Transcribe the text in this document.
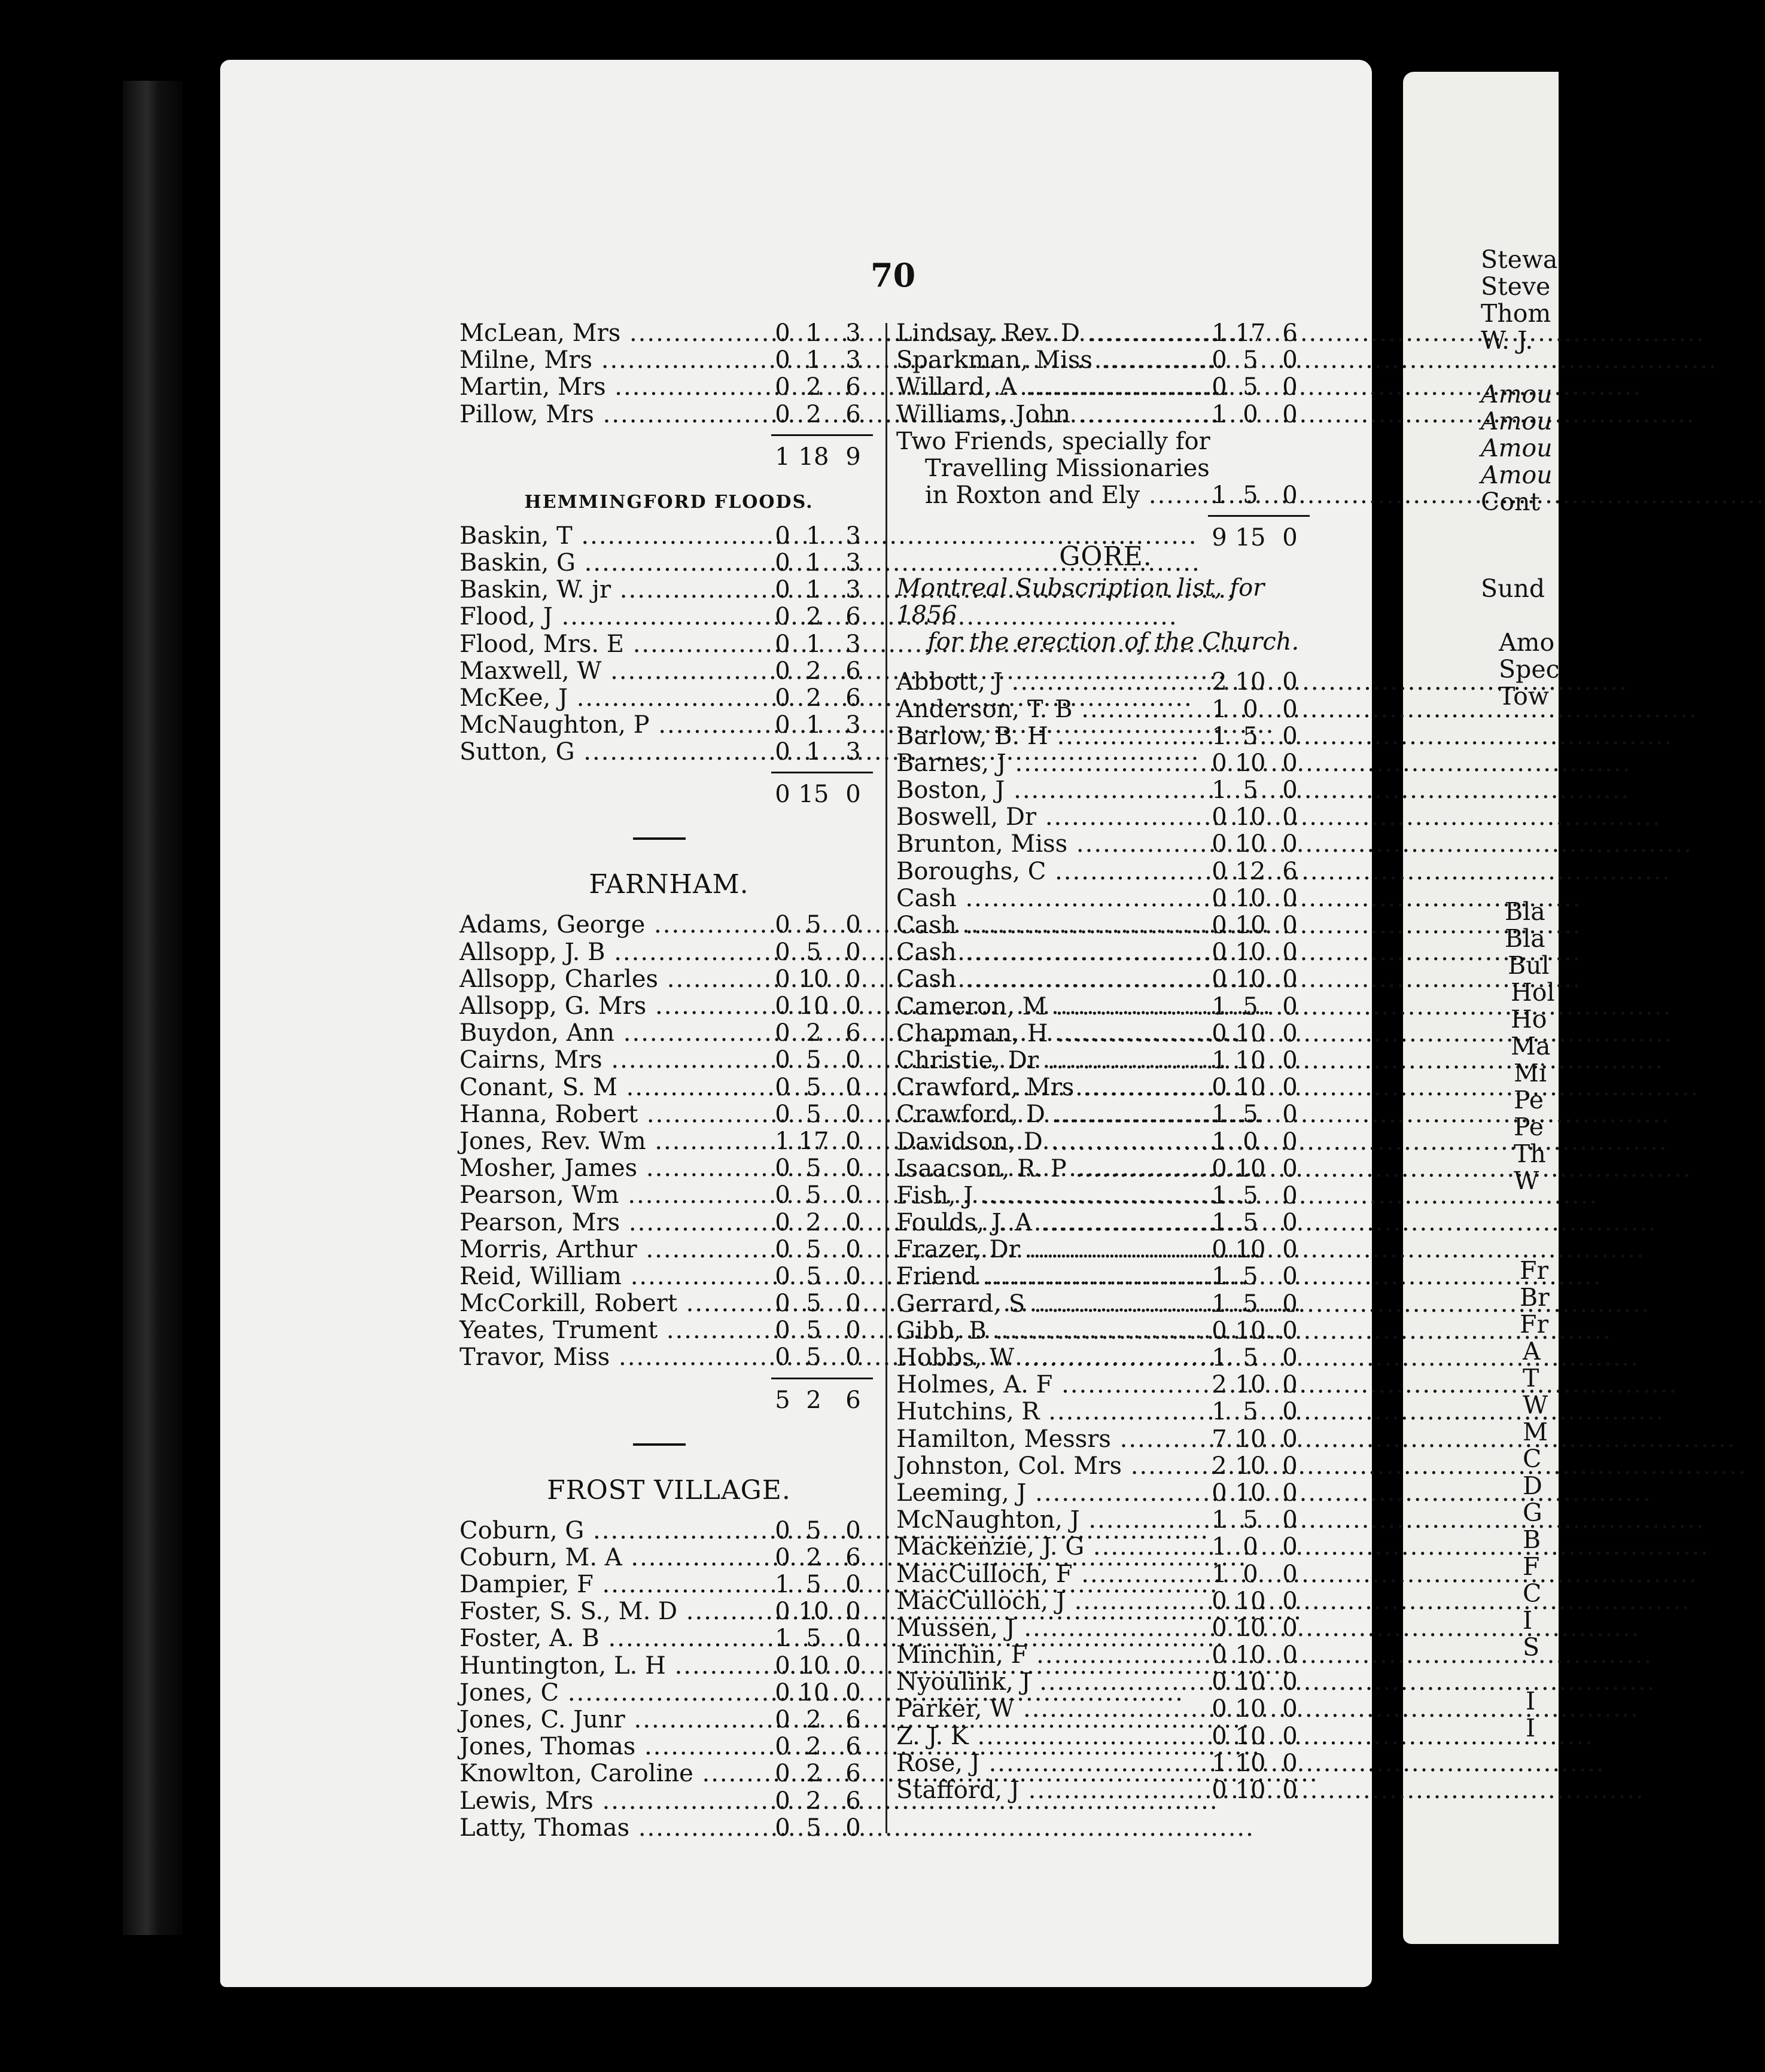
Stewa
Steve
Thom
W. J.
Amou
Amou
Amou
Amou
Cont
Sund
Amo
Spec
Tow
Bla
Bla
Bul
Hol
Ho
Ma
Mi
Pe
Pe
Th
W
Fr
Br
Fr
A
T
W
M
C
D
G
B
F
C
I
S
I
I
70
McLean, Mrs .....	0 1	3
Milne, Mrs .....	0 1	3
Martin, Mrs .....	0 2	6
Pillow, Mrs .....	0 2	6
1 18 9
HEMMINGFORD FLOODS.
Baskin, T .....	0 1	3
Baskin, G .....	0 1	3
Baskin, W. jr .....	0 1	3
Flood, J .....	0 2	6
Flood, Mrs. E .....	0 1	3
Maxwell, W .....	0 2	6
McKee, J .....	0 2	6
McNaughton, P .....	0 1	3
Sutton, G .....	0 1	3
0 15 0
FARNHAM.
Adams, George .....	0 5	0
Allsopp, J. B .....	0 5	0
Allsopp, Charles .....	0 10 0
Allsopp, G. Mrs .....	0 10 0
Buydon, Ann .....	0 2	6
Cairns, Mrs .....	0 5	0
Conant, S. M .....	0 5	0
Hanna, Robert .....	0 5	0
Jones, Rev. Wm .....	1 17 0
Mosher, James .....	0 5	0
Pearson, Wm .....	0 5	0
Pearson, Mrs .....	0 2	0
Morris, Arthur .....	0 5	0
Reid, William .....	0 5	0
McCorkill, Robert .....	0 5	0
Yeates, Trument .....	0 5	0
Travor, Miss .....	0 5	0
5 2	6
FROST VILLAGE.
Coburn, G .....	0 5	0
Coburn, M. A .....	0 2	6
Dampier, F .....	1 5	0
Foster, S. S., M. D .....	0 10 0
Foster, A. B .....	1 5	0
Huntington, L. H .....	0 10 0
Jones, C .....	0 10 0
Jones, C. Junr .....	0 2	6
Jones, Thomas .....	0 2	6
Knowlton, Caroline .....	0 2	6
Lewis, Mrs .....	0 2	6
Latty, Thomas .....	0 5	0
Lindsay, Rev. D .....	1 17 6
Sparkman, Miss .....	0 5	0
Willard, A .....	0 5	0
Williams, John .....	1 0	0
Two Friends, specially for
Travelling Missionaries
in Roxton and Ely .....	1 5	0
9 15 0
GORE.
Montreal Subscription list, for 1856
for the erection of the Church.
Abbott, J .....	2 10 0
Anderson, T. B .....	1 0	0
Barlow, B. H .....	1 5	0
Barnes, J .....	0 10 0
Boston, J .....	1 5	0
Boswell, Dr .....	0 10 0
Brunton, Miss .....	0 10 0
Boroughs, C .....	0 12 6
Cash .....	0 10 0
Cash .....	0 10 0
Cash .....	0 10 0
Cash .....	0 10 0
Cameron, M .....	1 5	0
Chapman, H .....	0 10 0
Christie, Dr .....	1 10 0
Crawford, Mrs .....	0 10 0
Crawford, D .....	1 5	0
Davidson, D .....	1 0	0
Isaacson, R. P .....	0 10 0
Fish, J .....	1 5	0
Foulds, J. A .....	1 5	0
Frazer, Dr .....	0 10 0
Friend .....	1 5	0
Gerrard, S .....	1 5	0
Gibb, B .....	0 10 0
Hobbs, W .....	1 5	0
Holmes, A. F .....	2 10 0
Hutchins, R .....	1 5	0
Hamilton, Messrs .....	7 10 0
Johnston, Col. Mrs .....	2 10 0
Leeming, J .....	0 10 0
McNaughton, J .....	1 5	0
Mackenzie, J. G .....	1 0	0
MacCulloch, F .....	1 0	0
MacCulloch, J .....	0 10 0
Mussen, J .....	0 10 0
Minchin, F .....	0 10 0
Nyoulink, J .....	0 10 0
Parker, W .....	0 10 0
Z. J. K .....	0 10 0
Rose, J .....	1 10 0
Stafford, J .....	0 10 0
